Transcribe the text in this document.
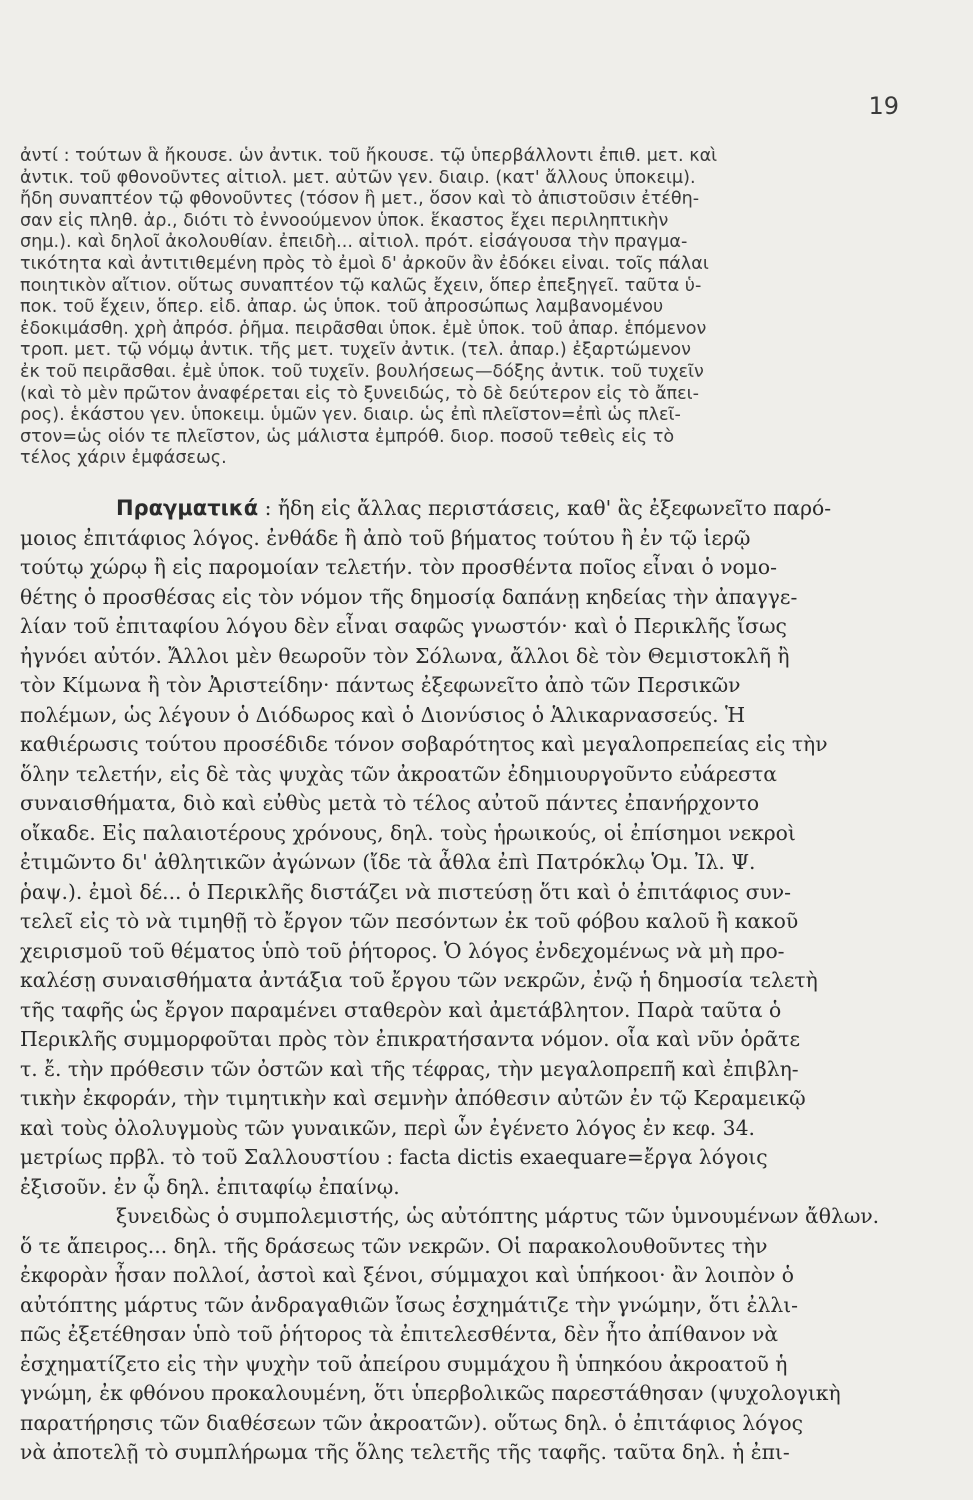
19
ἀντί : τούτων ἃ ἤκουσε. ὧν ἀντικ. τοῦ ἤκουσε. τῷ ὑπερβάλλοντι ἐπιθ. μετ. καὶ
ἀντικ. τοῦ φθονοῦντες αἰτιολ. μετ. αὐτῶν γεν. διαιρ. (κατ' ἄλλους ὑποκειμ).
ἤδη συναπτέον τῷ φθονοῦντες (τόσον ἢ μετ., ὅσον καὶ τὸ ἀπιστοῦσιν ἐτέθη-
σαν εἰς πληθ. ἀρ., διότι τὸ ἐννοούμενον ὑποκ. ἕκαστος ἔχει περιληπτικὴν
σημ.). καὶ δηλοῖ ἀκολουθίαν. ἐπειδὴ... αἰτιολ. πρότ. εἰσάγουσα τὴν πραγμα-
τικότητα καὶ ἀντιτιθεμένη πρὸς τὸ ἐμοὶ δ' ἀρκοῦν ἂν ἐδόκει εἶναι. τοῖς πάλαι
ποιητικὸν αἴτιον. οὕτως συναπτέον τῷ καλῶς ἔχειν, ὅπερ ἐπεξηγεῖ. ταῦτα ὑ-
ποκ. τοῦ ἔχειν, ὅπερ. εἰδ. ἀπαρ. ὡς ὑποκ. τοῦ ἀπροσώπως λαμβανομένου
ἐδοκιμάσθη. χρὴ ἀπρόσ. ῥῆμα. πειρᾶσθαι ὑποκ. ἐμὲ ὑποκ. τοῦ ἀπαρ. ἑπόμενον
τροπ. μετ. τῷ νόμῳ ἀντικ. τῆς μετ. τυχεῖν ἀντικ. (τελ. ἀπαρ.) ἐξαρτώμενον
ἐκ τοῦ πειρᾶσθαι. ἐμὲ ὑποκ. τοῦ τυχεῖν. βουλήσεως—δόξης ἀντικ. τοῦ τυχεῖν
(καὶ τὸ μὲν πρῶτον ἀναφέρεται εἰς τὸ ξυνειδώς, τὸ δὲ δεύτερον εἰς τὸ ἄπει-
ρος). ἑκάστου γεν. ὑποκειμ. ὑμῶν γεν. διαιρ. ὡς ἐπὶ πλεῖστον=ἐπὶ ὡς πλεῖ-
στον=ὡς οἷόν τε πλεῖστον, ὡς μάλιστα ἐμπρόθ. διορ. ποσοῦ τεθεὶς εἰς τὸ
τέλος χάριν ἐμφάσεως.
Πραγματικά : ἤδη εἰς ἄλλας περιστάσεις, καθ' ἃς ἐξεφωνεῖτο παρό-
μοιος ἐπιτάφιος λόγος. ἐνθάδε ἢ ἀπὸ τοῦ βήματος τούτου ἢ ἐν τῷ ἱερῷ
τούτῳ χώρῳ ἢ εἰς παρομοίαν τελετήν. τὸν προσθέντα ποῖος εἶναι ὁ νομο-
θέτης ὁ προσθέσας εἰς τὸν νόμον τῆς δημοσίᾳ δαπάνῃ κηδείας τὴν ἀπαγγε-
λίαν τοῦ ἐπιταφίου λόγου δὲν εἶναι σαφῶς γνωστόν· καὶ ὁ Περικλῆς ἴσως
ἠγνόει αὐτόν. Ἄλλοι μὲν θεωροῦν τὸν Σόλωνα, ἄλλοι δὲ τὸν Θεμιστοκλῆ ἢ
τὸν Κίμωνα ἢ τὸν Ἀριστείδην· πάντως ἐξεφωνεῖτο ἀπὸ τῶν Περσικῶν
πολέμων, ὡς λέγουν ὁ Διόδωρος καὶ ὁ Διονύσιος ὁ Ἁλικαρνασσεύς. Ἡ
καθιέρωσις τούτου προσέδιδε τόνον σοβαρότητος καὶ μεγαλοπρεπείας εἰς τὴν
ὅλην τελετήν, εἰς δὲ τὰς ψυχὰς τῶν ἀκροατῶν ἐδημιουργοῦντο εὐάρεστα
συναισθήματα, διὸ καὶ εὐθὺς μετὰ τὸ τέλος αὐτοῦ πάντες ἐπανήρχοντο
οἴκαδε. Εἰς παλαιοτέρους χρόνους, δηλ. τοὺς ἡρωικούς, οἱ ἐπίσημοι νεκροὶ
ἐτιμῶντο δι' ἀθλητικῶν ἀγώνων (ἴδε τὰ ἆθλα ἐπὶ Πατρόκλῳ Ὁμ. Ἰλ. Ψ.
ῥαψ.). ἐμοὶ δέ... ὁ Περικλῆς διστάζει νὰ πιστεύσῃ ὅτι καὶ ὁ ἐπιτάφιος συν-
τελεῖ εἰς τὸ νὰ τιμηθῇ τὸ ἔργον τῶν πεσόντων ἐκ τοῦ φόβου καλοῦ ἢ κακοῦ
χειρισμοῦ τοῦ θέματος ὑπὸ τοῦ ῥήτορος. Ὁ λόγος ἐνδεχομένως νὰ μὴ προ-
καλέσῃ συναισθήματα ἀντάξια τοῦ ἔργου τῶν νεκρῶν, ἐνῷ ἡ δημοσία τελετὴ
τῆς ταφῆς ὡς ἔργον παραμένει σταθερὸν καὶ ἀμετάβλητον. Παρὰ ταῦτα ὁ
Περικλῆς συμμορφοῦται πρὸς τὸν ἐπικρατήσαντα νόμον. οἷα καὶ νῦν ὁρᾶτε
τ. ἔ. τὴν πρόθεσιν τῶν ὀστῶν καὶ τῆς τέφρας, τὴν μεγαλοπρεπῆ καὶ ἐπιβλη-
τικὴν ἐκφοράν, τὴν τιμητικὴν καὶ σεμνὴν ἀπόθεσιν αὐτῶν ἐν τῷ Κεραμεικῷ
καὶ τοὺς ὀλολυγμοὺς τῶν γυναικῶν, περὶ ὧν ἐγένετο λόγος ἐν κεφ. 34.
μετρίως πρβλ. τὸ τοῦ Σαλλουστίου : facta dictis exaequare=ἔργα λόγοις
ἐξισοῦν. ἐν ᾧ δηλ. ἐπιταφίῳ ἐπαίνῳ.
ξυνειδὼς ὁ συμπολεμιστής, ὡς αὐτόπτης μάρτυς τῶν ὑμνουμένων ἄθλων.
ὅ τε ἄπειρος... δηλ. τῆς δράσεως τῶν νεκρῶν. Οἱ παρακολουθοῦντες τὴν
ἐκφορὰν ἦσαν πολλοί, ἀστοὶ καὶ ξένοι, σύμμαχοι καὶ ὑπήκοοι· ἂν λοιπὸν ὁ
αὐτόπτης μάρτυς τῶν ἀνδραγαθιῶν ἴσως ἐσχημάτιζε τὴν γνώμην, ὅτι ἐλλι-
πῶς ἐξετέθησαν ὑπὸ τοῦ ῥήτορος τὰ ἐπιτελεσθέντα, δὲν ἦτο ἀπίθανον νὰ
ἐσχηματίζετο εἰς τὴν ψυχὴν τοῦ ἀπείρου συμμάχου ἢ ὑπηκόου ἀκροατοῦ ἡ
γνώμη, ἐκ φθόνου προκαλουμένη, ὅτι ὑπερβολικῶς παρεστάθησαν (ψυχολογικὴ
παρατήρησις τῶν διαθέσεων τῶν ἀκροατῶν). οὕτως δηλ. ὁ ἐπιτάφιος λόγος
νὰ ἀποτελῇ τὸ συμπλήρωμα τῆς ὅλης τελετῆς τῆς ταφῆς. ταῦτα δηλ. ἡ ἐπι-
